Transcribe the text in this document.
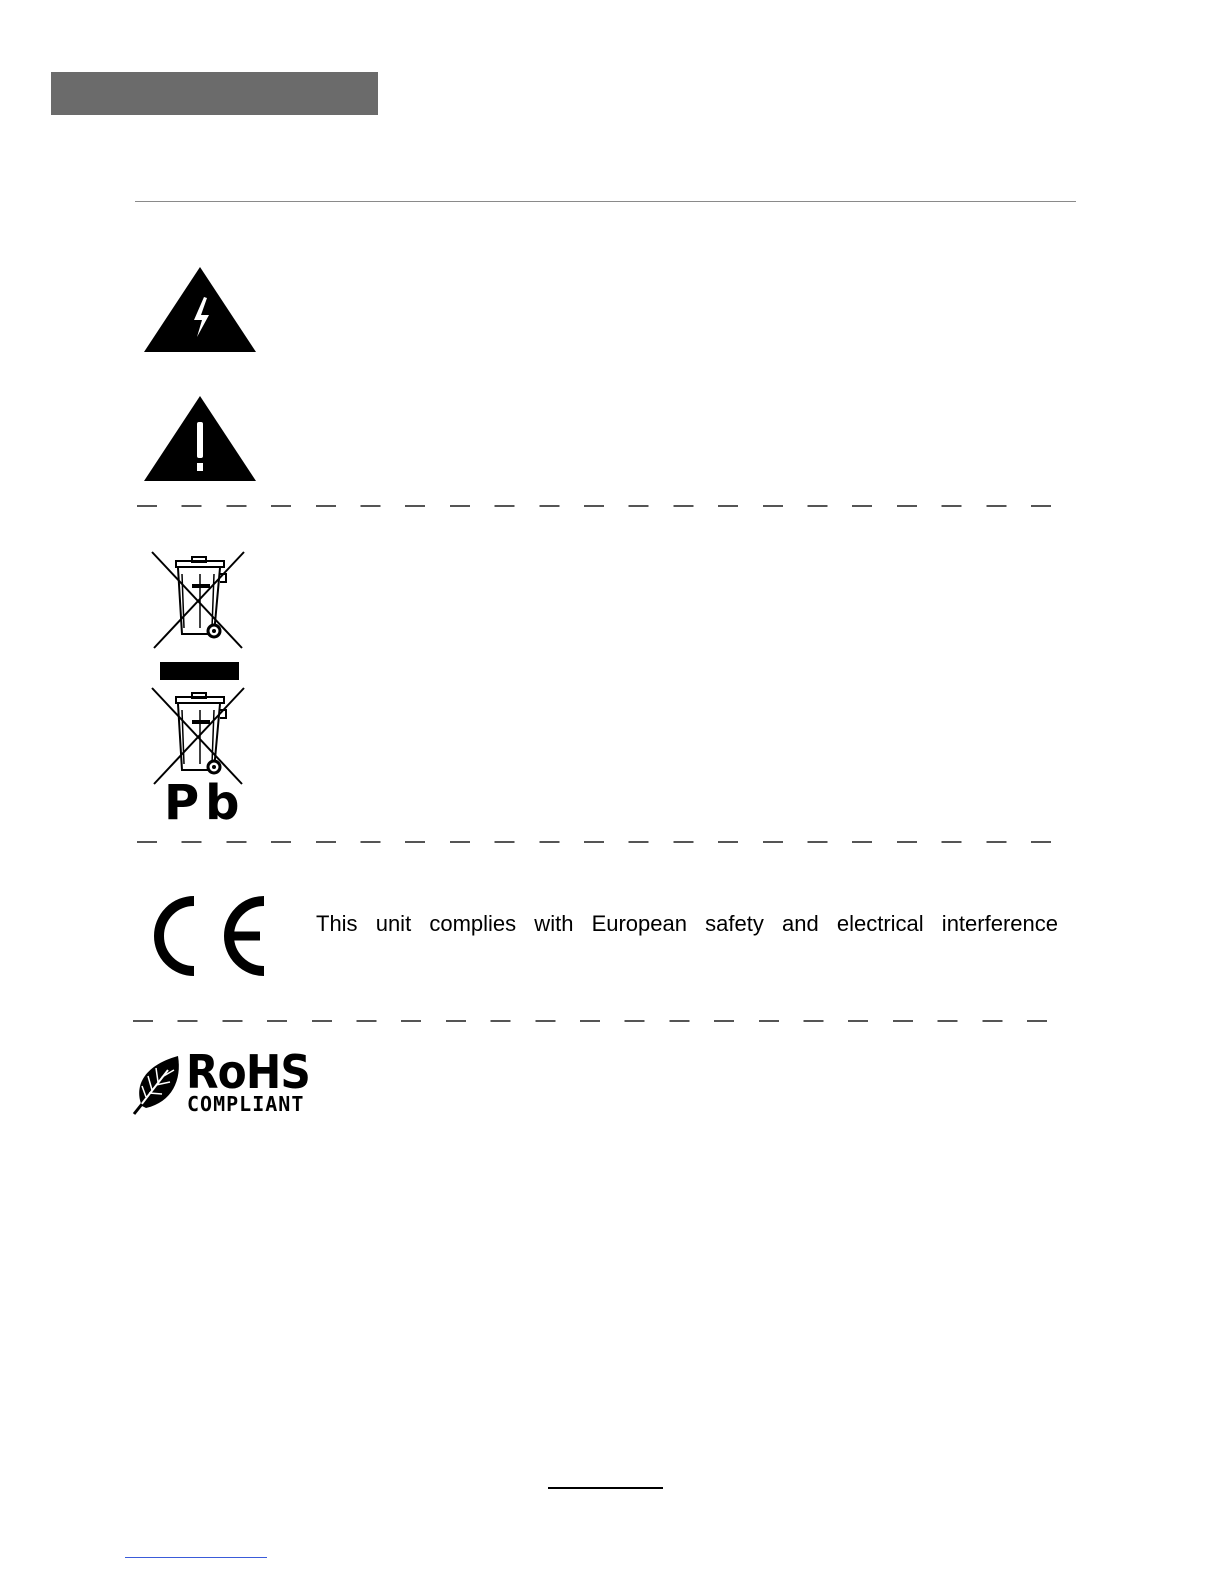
Pb
This unit complies with European safety and electrical interference
RoHS
COMPLIANT
